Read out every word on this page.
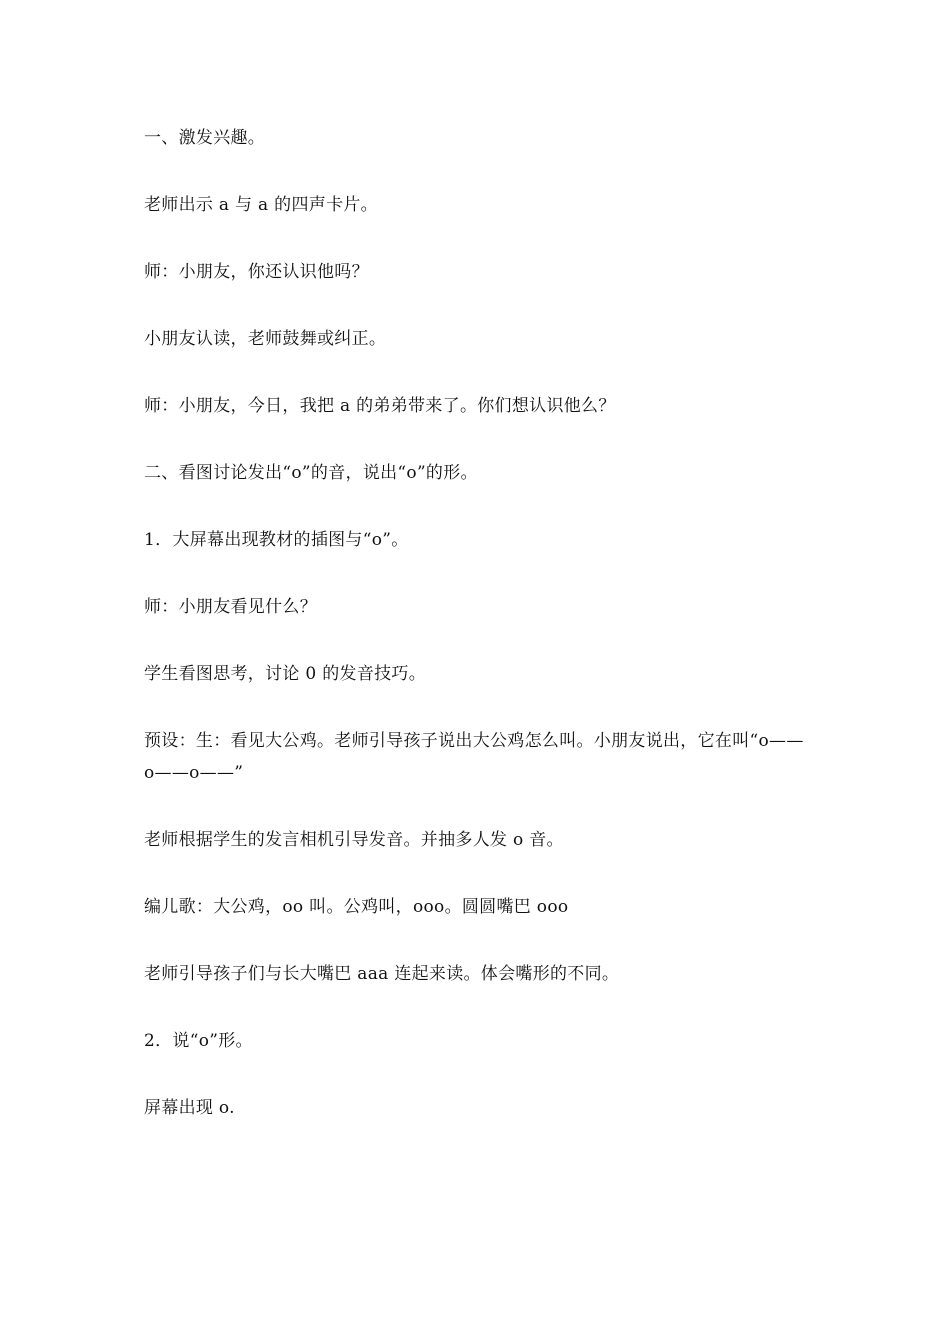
一、激发兴趣。

老师出示 a 与 a 的四声卡片。

师：小朋友，你还认识他吗？

小朋友认读，老师鼓舞或纠正。

师：小朋友，今日，我把 a 的弟弟带来了。你们想认识他么？

二、看图讨论发出“o”的音，说出“o”的形。

1．大屏幕出现教材的插图与“o”。

师：小朋友看见什么？

学生看图思考，讨论 0 的发音技巧。

预设：生：看见大公鸡。老师引导孩子说出大公鸡怎么叫。小朋友说出，它在叫“o——o——o——”

老师根据学生的发言相机引导发音。并抽多人发 o 音。

编儿歌：大公鸡，oo 叫。公鸡叫，ooo。圆圆嘴巴 ooo

老师引导孩子们与长大嘴巴 aaa 连起来读。体会嘴形的不同。

2．说“o”形。

屏幕出现 o.
